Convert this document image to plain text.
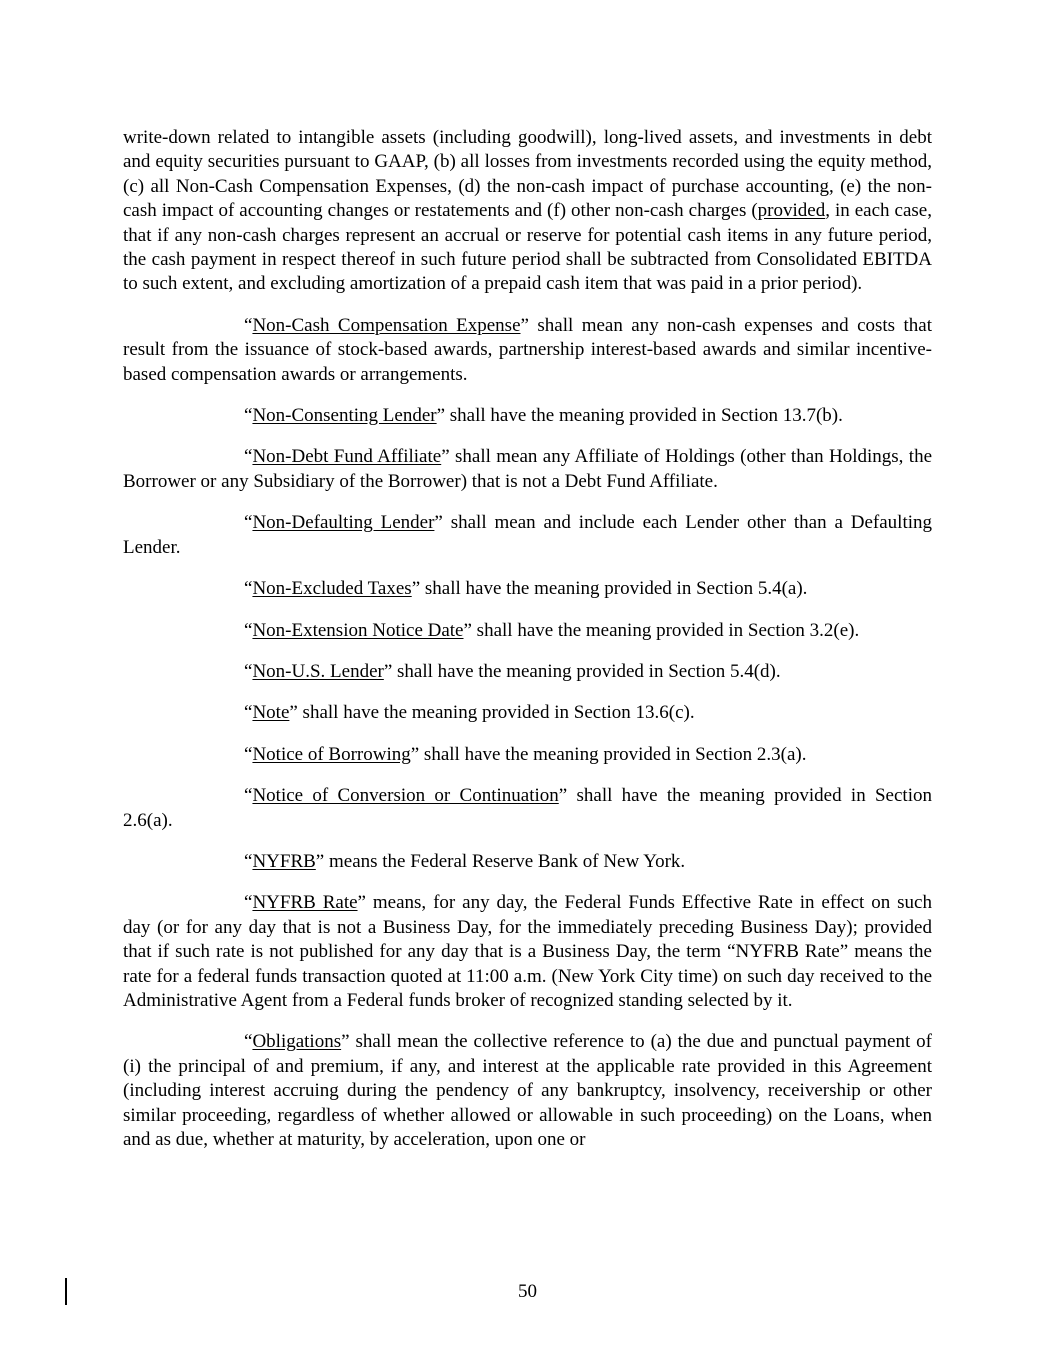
write-down related to intangible assets (including goodwill), long-lived assets, and investments in debt and equity securities pursuant to GAAP, (b) all losses from investments recorded using the equity method, (c) all Non-Cash Compensation Expenses, (d) the non-cash impact of purchase accounting, (e) the non-cash impact of accounting changes or restatements and (f) other non-cash charges (provided, in each case, that if any non-cash charges represent an accrual or reserve for potential cash items in any future period, the cash payment in respect thereof in such future period shall be subtracted from Consolidated EBITDA to such extent, and excluding amortization of a prepaid cash item that was paid in a prior period).

“Non-Cash Compensation Expense” shall mean any non-cash expenses and costs that result from the issuance of stock-based awards, partnership interest-based awards and similar incentive-based compensation awards or arrangements.

“Non-Consenting Lender” shall have the meaning provided in Section 13.7(b).

“Non-Debt Fund Affiliate” shall mean any Affiliate of Holdings (other than Holdings, the Borrower or any Subsidiary of the Borrower) that is not a Debt Fund Affiliate.

“Non-Defaulting Lender” shall mean and include each Lender other than a Defaulting Lender.

“Non-Excluded Taxes” shall have the meaning provided in Section 5.4(a).

“Non-Extension Notice Date” shall have the meaning provided in Section 3.2(e).

“Non-U.S. Lender” shall have the meaning provided in Section 5.4(d).

“Note” shall have the meaning provided in Section 13.6(c).

“Notice of Borrowing” shall have the meaning provided in Section 2.3(a).

“Notice of Conversion or Continuation” shall have the meaning provided in Section 2.6(a).

“NYFRB” means the Federal Reserve Bank of New York.

“NYFRB Rate” means, for any day, the Federal Funds Effective Rate in effect on such day (or for any day that is not a Business Day, for the immediately preceding Business Day); provided that if such rate is not published for any day that is a Business Day, the term “NYFRB Rate” means the rate for a federal funds transaction quoted at 11:00 a.m. (New York City time) on such day received to the Administrative Agent from a Federal funds broker of recognized standing selected by it.

“Obligations” shall mean the collective reference to (a) the due and punctual payment of (i) the principal of and premium, if any, and interest at the applicable rate provided in this Agreement (including interest accruing during the pendency of any bankruptcy, insolvency, receivership or other similar proceeding, regardless of whether allowed or allowable in such proceeding) on the Loans, when and as due, whether at maturity, by acceleration, upon one or

50
